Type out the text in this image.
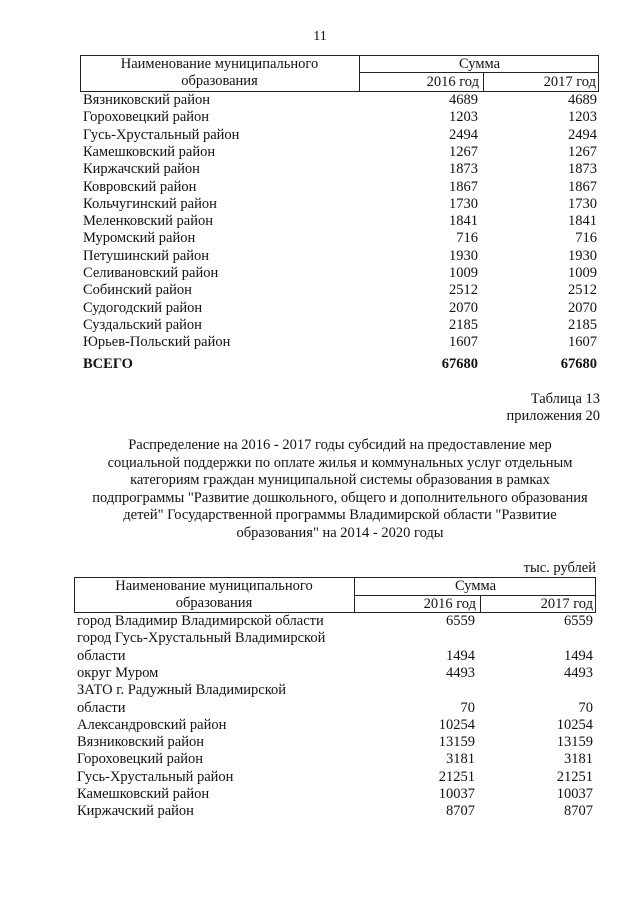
11
Наименование муниципального
образования
Сумма
2016 год	2017 год
Вязниковский район	4689	4689
Гороховецкий район	1203	1203
Гусь-Хрустальный район	2494	2494
Камешковский район	1267	1267
Киржачский район	1873	1873
Ковровский район	1867	1867
Кольчугинский район	1730	1730
Меленковский район	1841	1841
Муромский район	716	716
Петушинский район	1930	1930
Селивановский район	1009	1009
Собинский район	2512	2512
Судогодский район	2070	2070
Суздальский район	2185	2185
Юрьев-Польский район	1607	1607
ВСЕГО	67680	67680
Таблица 13
приложения 20
Распределение на 2016 - 2017 годы субсидий на предоставление мер
социальной поддержки по оплате жилья и коммунальных услуг отдельным
категориям граждан муниципальной системы образования в рамках
подпрограммы "Развитие дошкольного, общего и дополнительного образования
детей" Государственной программы Владимирской области "Развитие
образования" на 2014 - 2020 годы
тыс. рублей
Наименование муниципального
образования
Сумма
2016 год	2017 год
город Владимир Владимирской области	6559	6559
город Гусь-Хрустальный Владимирской
области	1494	1494
округ Муром	4493	4493
ЗАТО г. Радужный Владимирской
области	70	70
Александровский район	10254	10254
Вязниковский район	13159	13159
Гороховецкий район	3181	3181
Гусь-Хрустальный район	21251	21251
Камешковский район	10037	10037
Киржачский район	8707	8707
